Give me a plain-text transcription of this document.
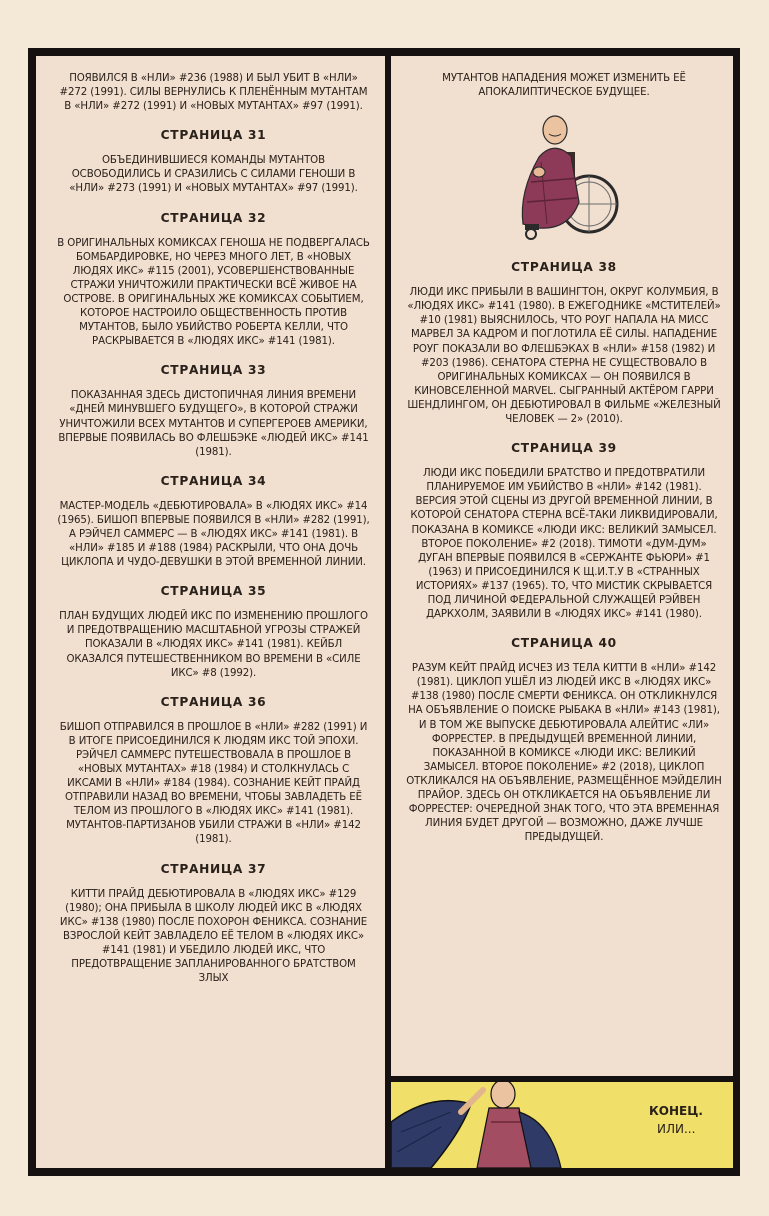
ПОЯВИЛСЯ В «НЛИ» #236 (1988) И БЫЛ УБИТ В «НЛИ» #272 (1991). СИЛЫ ВЕРНУЛИСЬ К ПЛЕНЁННЫМ МУТАНТАМ В «НЛИ» #272 (1991) И «НОВЫХ МУТАНТАХ» #97 (1991).

СТРАНИЦА 31

ОБЪЕДИНИВШИЕСЯ КОМАНДЫ МУТАНТОВ ОСВОБОДИЛИСЬ И СРАЗИЛИСЬ С СИЛАМИ ГЕНОШИ В «НЛИ» #273 (1991) И «НОВЫХ МУТАНТАХ» #97 (1991).

СТРАНИЦА 32

В ОРИГИНАЛЬНЫХ КОМИКСАХ ГЕНОША НЕ ПОДВЕРГАЛАСЬ БОМБАРДИРОВКЕ, НО ЧЕРЕЗ МНОГО ЛЕТ, В «НОВЫХ ЛЮДЯХ ИКС» #115 (2001), УСОВЕРШЕНСТВОВАННЫЕ СТРАЖИ УНИЧТОЖИЛИ ПРАКТИЧЕСКИ ВСЁ ЖИВОЕ НА ОСТРОВЕ. В ОРИГИНАЛЬНЫХ ЖЕ КОМИКСАХ СОБЫТИЕМ, КОТОРОЕ НАСТРОИЛО ОБЩЕСТВЕННОСТЬ ПРОТИВ МУТАНТОВ, БЫЛО УБИЙСТВО РОБЕРТА КЕЛЛИ, ЧТО РАСКРЫВАЕТСЯ В «ЛЮДЯХ ИКС» #141 (1981).

СТРАНИЦА 33

ПОКАЗАННАЯ ЗДЕСЬ ДИСТОПИЧНАЯ ЛИНИЯ ВРЕМЕНИ «ДНЕЙ МИНУВШЕГО БУДУЩЕГО», В КОТОРОЙ СТРАЖИ УНИЧТОЖИЛИ ВСЕХ МУТАНТОВ И СУПЕРГЕРОЕВ АМЕРИКИ, ВПЕРВЫЕ ПОЯВИЛАСЬ ВО ФЛЕШБЭКЕ «ЛЮДЕЙ ИКС» #141 (1981).

СТРАНИЦА 34

МАСТЕР-МОДЕЛЬ «ДЕБЮТИРОВАЛА» В «ЛЮДЯХ ИКС» #14 (1965). БИШОП ВПЕРВЫЕ ПОЯВИЛСЯ В «НЛИ» #282 (1991), А РЭЙЧЕЛ САММЕРС — В «ЛЮДЯХ ИКС» #141 (1981). В «НЛИ» #185 И #188 (1984) РАСКРЫЛИ, ЧТО ОНА ДОЧЬ ЦИКЛОПА И ЧУДО-ДЕВУШКИ В ЭТОЙ ВРЕМЕННОЙ ЛИНИИ.

СТРАНИЦА 35

ПЛАН БУДУЩИХ ЛЮДЕЙ ИКС ПО ИЗМЕНЕНИЮ ПРОШЛОГО И ПРЕДОТВРАЩЕНИЮ МАСШТАБНОЙ УГРОЗЫ СТРАЖЕЙ ПОКАЗАЛИ В «ЛЮДЯХ ИКС» #141 (1981). КЕЙБЛ ОКАЗАЛСЯ ПУТЕШЕСТВЕННИКОМ ВО ВРЕМЕНИ В «СИЛЕ ИКС» #8 (1992).

СТРАНИЦА 36

БИШОП ОТПРАВИЛСЯ В ПРОШЛОЕ В «НЛИ» #282 (1991) И В ИТОГЕ ПРИСОЕДИНИЛСЯ К ЛЮДЯМ ИКС ТОЙ ЭПОХИ. РЭЙЧЕЛ САММЕРС ПУТЕШЕСТВОВАЛА В ПРОШЛОЕ В «НОВЫХ МУТАНТАХ» #18 (1984) И СТОЛКНУЛАСЬ С ИКСАМИ В «НЛИ» #184 (1984). СОЗНАНИЕ КЕЙТ ПРАЙД ОТПРАВИЛИ НАЗАД ВО ВРЕМЕНИ, ЧТОБЫ ЗАВЛАДЕТЬ ЕЁ ТЕЛОМ ИЗ ПРОШЛОГО В «ЛЮДЯХ ИКС» #141 (1981). МУТАНТОВ-ПАРТИЗАНОВ УБИЛИ СТРАЖИ В «НЛИ» #142 (1981).

СТРАНИЦА 37

КИТТИ ПРАЙД ДЕБЮТИРОВАЛА В «ЛЮДЯХ ИКС» #129 (1980); ОНА ПРИБЫЛА В ШКОЛУ ЛЮДЕЙ ИКС В «ЛЮДЯХ ИКС» #138 (1980) ПОСЛЕ ПОХОРОН ФЕНИКСА. СОЗНАНИЕ ВЗРОСЛОЙ КЕЙТ ЗАВЛАДЕЛО ЕЁ ТЕЛОМ В «ЛЮДЯХ ИКС» #141 (1981) И УБЕДИЛО ЛЮДЕЙ ИКС, ЧТО ПРЕДОТВРАЩЕНИЕ ЗАПЛАНИРОВАННОГО БРАТСТВОМ ЗЛЫХ

МУТАНТОВ НАПАДЕНИЯ МОЖЕТ ИЗМЕНИТЬ ЕЁ АПОКАЛИПТИЧЕСКОЕ БУДУЩЕЕ.

СТРАНИЦА 38

ЛЮДИ ИКС ПРИБЫЛИ В ВАШИНГТОН, ОКРУГ КОЛУМБИЯ, В «ЛЮДЯХ ИКС» #141 (1980). В ЕЖЕГОДНИКЕ «МСТИТЕЛЕЙ» #10 (1981) ВЫЯСНИЛОСЬ, ЧТО РОУГ НАПАЛА НА МИСС МАРВЕЛ ЗА КАДРОМ И ПОГЛОТИЛА ЕЁ СИЛЫ. НАПАДЕНИЕ РОУГ ПОКАЗАЛИ ВО ФЛЕШБЭКАХ В «НЛИ» #158 (1982) И #203 (1986). СЕНАТОРА СТЕРНА НЕ СУЩЕСТВОВАЛО В ОРИГИНАЛЬНЫХ КОМИКСАХ — ОН ПОЯВИЛСЯ В КИНОВСЕЛЕННОЙ MARVEL. СЫГРАННЫЙ АКТЁРОМ ГАРРИ ШЕНДЛИНГОМ, ОН ДЕБЮТИРОВАЛ В ФИЛЬМЕ «ЖЕЛЕЗНЫЙ ЧЕЛОВЕК — 2» (2010).

СТРАНИЦА 39

ЛЮДИ ИКС ПОБЕДИЛИ БРАТСТВО И ПРЕДОТВРАТИЛИ ПЛАНИРУЕМОЕ ИМ УБИЙСТВО В «НЛИ» #142 (1981). ВЕРСИЯ ЭТОЙ СЦЕНЫ ИЗ ДРУГОЙ ВРЕМЕННОЙ ЛИНИИ, В КОТОРОЙ СЕНАТОРА СТЕРНА ВСЁ-ТАКИ ЛИКВИДИРОВАЛИ, ПОКАЗАНА В КОМИКСЕ «ЛЮДИ ИКС: ВЕЛИКИЙ ЗАМЫСЕЛ. ВТОРОЕ ПОКОЛЕНИЕ» #2 (2018). ТИМОТИ «ДУМ-ДУМ» ДУГАН ВПЕРВЫЕ ПОЯВИЛСЯ В «СЕРЖАНТЕ ФЬЮРИ» #1 (1963) И ПРИСОЕДИНИЛСЯ К Щ.И.Т.У В «СТРАННЫХ ИСТОРИЯХ» #137 (1965). ТО, ЧТО МИСТИК СКРЫВАЕТСЯ ПОД ЛИЧИНОЙ ФЕДЕРАЛЬНОЙ СЛУЖАЩЕЙ РЭЙВЕН ДАРКХОЛМ, ЗАЯВИЛИ В «ЛЮДЯХ ИКС» #141 (1980).

СТРАНИЦА 40

РАЗУМ КЕЙТ ПРАЙД ИСЧЕЗ ИЗ ТЕЛА КИТТИ В «НЛИ» #142 (1981). ЦИКЛОП УШЁЛ ИЗ ЛЮДЕЙ ИКС В «ЛЮДЯХ ИКС» #138 (1980) ПОСЛЕ СМЕРТИ ФЕНИКСА. ОН ОТКЛИКНУЛСЯ НА ОБЪЯВЛЕНИЕ О ПОИСКЕ РЫБАКА В «НЛИ» #143 (1981), И В ТОМ ЖЕ ВЫПУСКЕ ДЕБЮТИРОВАЛА АЛЕЙТИС «ЛИ» ФОРРЕСТЕР. В ПРЕДЫДУЩЕЙ ВРЕМЕННОЙ ЛИНИИ, ПОКАЗАННОЙ В КОМИКСЕ «ЛЮДИ ИКС: ВЕЛИКИЙ ЗАМЫСЕЛ. ВТОРОЕ ПОКОЛЕНИЕ» #2 (2018), ЦИКЛОП ОТКЛИКАЛСЯ НА ОБЪЯВЛЕНИЕ, РАЗМЕЩЁННОЕ МЭЙДЕЛИН ПРАЙОР. ЗДЕСЬ ОН ОТКЛИКАЕТСЯ НА ОБЪЯВЛЕНИЕ ЛИ ФОРРЕСТЕР: ОЧЕРЕДНОЙ ЗНАК ТОГО, ЧТО ЭТА ВРЕМЕННАЯ ЛИНИЯ БУДЕТ ДРУГОЙ — ВОЗМОЖНО, ДАЖЕ ЛУЧШЕ ПРЕДЫДУЩЕЙ.

КОНЕЦ.
ИЛИ...
